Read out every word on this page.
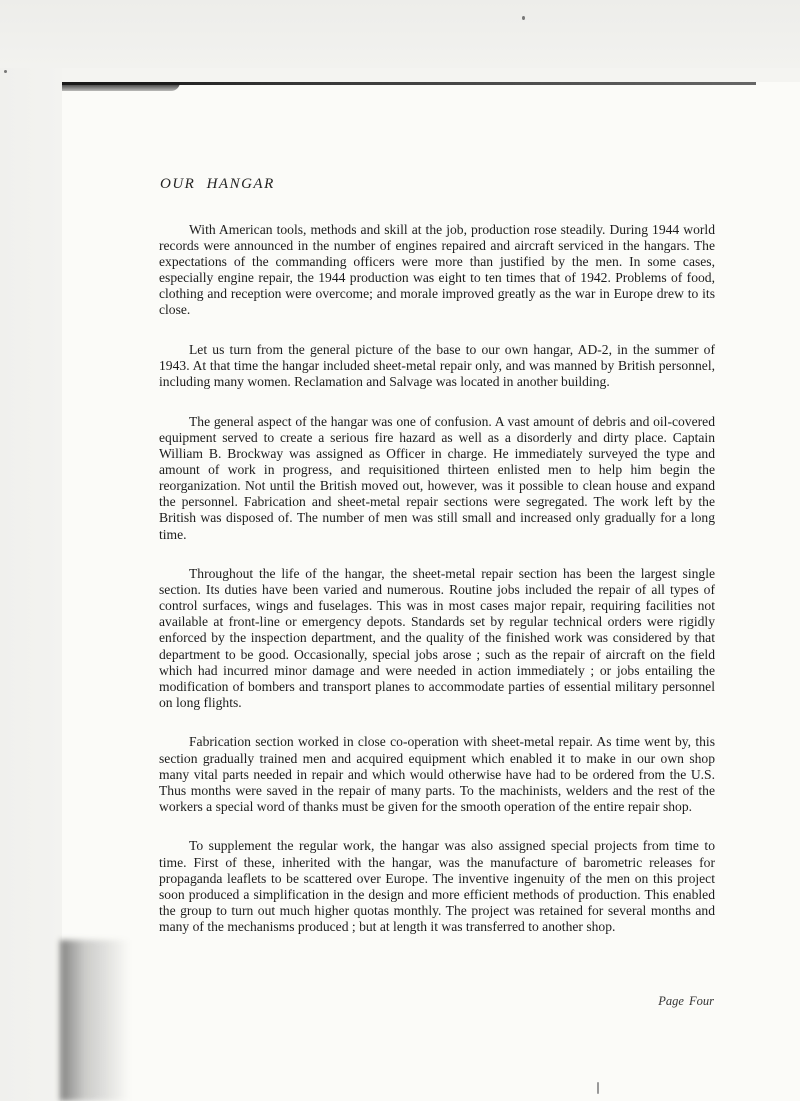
OUR HANGAR

With American tools, methods and skill at the job, production rose steadily. During 1944 world records were announced in the number of engines repaired and aircraft serviced in the hangars. The expectations of the commanding officers were more than justified by the men. In some cases, especially engine repair, the 1944 production was eight to ten times that of 1942. Problems of food, clothing and reception were overcome; and morale improved greatly as the war in Europe drew to its close.

Let us turn from the general picture of the base to our own hangar, AD-2, in the summer of 1943. At that time the hangar included sheet-metal repair only, and was manned by British personnel, including many women. Reclamation and Salvage was located in another building.

The general aspect of the hangar was one of confusion. A vast amount of debris and oil-covered equipment served to create a serious fire hazard as well as a disorderly and dirty place. Captain William B. Brockway was assigned as Officer in charge. He immediately surveyed the type and amount of work in progress, and requisitioned thirteen enlisted men to help him begin the reorganization. Not until the British moved out, however, was it possible to clean house and expand the personnel. Fabrication and sheet-metal repair sections were segregated. The work left by the British was disposed of. The number of men was still small and increased only gradually for a long time.

Throughout the life of the hangar, the sheet-metal repair section has been the largest single section. Its duties have been varied and numerous. Routine jobs included the repair of all types of control surfaces, wings and fuselages. This was in most cases major repair, requiring facilities not available at front-line or emergency depots. Standards set by regular technical orders were rigidly enforced by the inspection department, and the quality of the finished work was considered by that department to be good. Occasionally, special jobs arose ; such as the repair of aircraft on the field which had incurred minor damage and were needed in action immediately ; or jobs entailing the modification of bombers and transport planes to accommodate parties of essential military personnel on long flights.

Fabrication section worked in close co-operation with sheet-metal repair. As time went by, this section gradually trained men and acquired equipment which enabled it to make in our own shop many vital parts needed in repair and which would otherwise have had to be ordered from the U.S. Thus months were saved in the repair of many parts. To the machinists, welders and the rest of the workers a special word of thanks must be given for the smooth operation of the entire repair shop.

To supplement the regular work, the hangar was also assigned special projects from time to time. First of these, inherited with the hangar, was the manufacture of barometric releases for propaganda leaflets to be scattered over Europe. The inventive ingenuity of the men on this project soon produced a simplification in the design and more efficient methods of production. This enabled the group to turn out much higher quotas monthly. The project was retained for several months and many of the mechanisms produced ; but at length it was transferred to another shop.

Page Four
